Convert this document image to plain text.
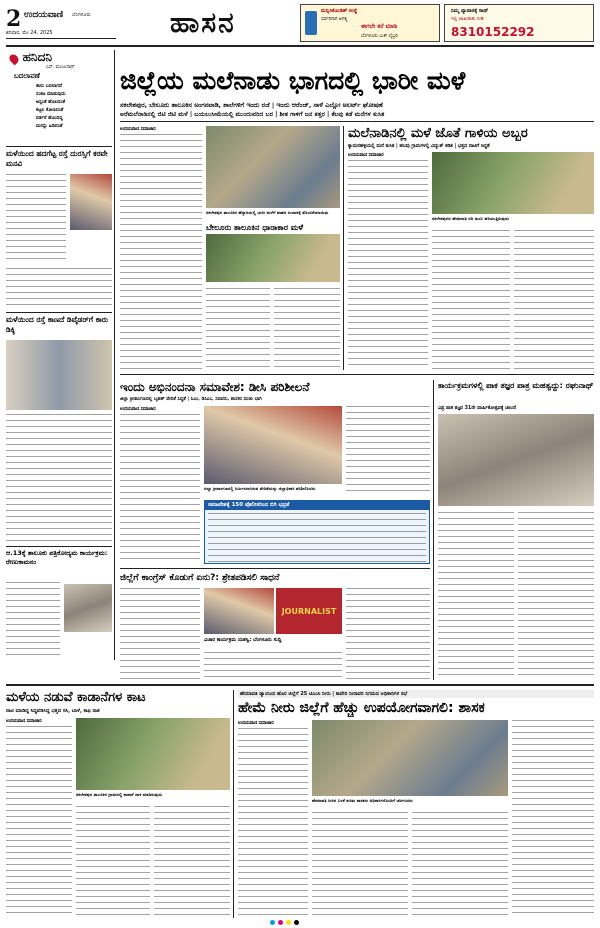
2 ಉದಯವಾಣಿ ಬೆಂಗಳೂರು
ಶನಿವಾರ, ಮೇ 24, 2025	ಹಾಸನ	ಮನ್ನಿಸಿಕೊಂಡಿತ್ ಸಂಸ್ಥೆ
ಸರ್ವರಿಗಾಗಿ ಅಗತ್ಯ
ಈಗಲೇ ಕರೆ ಮಾಡಿ
ಬೆಂಗಳೂರು ಬುಕ್ ಲೈಬ್ರರಿ
ನಿಮ್ಮ ವ್ಯಾಪಾರಕ್ಕೆ ಸಾಥ್
ಇಲ್ಲಿ ಜಾಹೀರಾತು ನೀಡಿ
8310152292
ಹನಿದನಿ
ಎಸ್. ಮಂಜುನಾಥ್
ಬದಲಾವಣೆ
ತಾನು ಬದಲಾಗದೆ
ಸಂಕಟ ಮಾಡುವುದು
ಅಸ್ಸಂತೆ ಹೊಲದಂತೆ
ಕಟ್ಟಲ ಕೋಣದಂತೆ
ವರ್ತನೆ ಹೊಂದಿದ್ದ
ಮನಸ್ಸು ಹಿಡಿದಂತೆ
ಮಳೆಯಿಂದ ಹದಗೆಟ್ಟ ರಸ್ತೆ ದುರಸ್ತಿಗೆ ಕರವೇ ಮನವಿ
ಮಳೆಯಿಂದ ರಸ್ತೆ ಕಾಣದೆ ಡಿವೈಡರ್‌ಗೆ ಕಾರು ಡಿಕ್ಕಿ
ಆ.13ಕ್ಕೆ ತಾಲೂಕು ಪತ್ರಿಕೋದ್ಯಮ ಕಾರ್ಯಕ್ರಮ: ರೇಣುಕಾಮನಂ
ಜಿಲ್ಲೆಯ ಮಲೆನಾಡು ಭಾಗದಲ್ಲಿ ಭಾರೀ ಮಳೆ
ಸಕಲೇಶಪುರ, ಬೇಲೂರು ತಾಲೂಕಿನ ಅಂಗನವಾಡಿ, ಶಾಲೆಗಳಿಗೆ ಇಂದು ರಜೆ | ಇಂದು ಆರೆಂಜ್, ನಾಳೆ ಎಲ್ಲೋ ಅಲರ್ಟ್ ಘೋಷಣೆ
ಅರೆಮಲೆನಾಡಿನಲ್ಲಿ ಜಿಟಿ ಜಿಟಿ ಮಳೆ | ಬಯಲುಸೀಮೆಯಲ್ಲಿ ಮುಂದುವರಿದ ಬರ | ಶೀತ ಗಾಳಿಗೆ ಜನ ತತ್ತರ | ಕೆಲವು ಕಡೆ ಮನೆಗಳ ಕುಸಿತ
ಉದಯವಾಣಿ ಸಮಾಚಾರ
ಸಕಲೇಶಪುರ ತಾಲೂಕಿನ ಹೆದ್ದಾರಿಯಲ್ಲಿ ಭಾರೀ ಮಳೆಗೆ ವಾಹನ ಸಂಚಾರಕ್ಕೆ ತೊಂದರೆಯಾಯಿತು
ಬೇಲೂರು ತಾಲೂಕಿನ ಧಾರಾಕಾರ ಮಳೆ
ಮಲೆನಾಡಿನಲ್ಲಿ ಮಳೆ ಜೊತೆ ಗಾಳಿಯ ಅಬ್ಬರ
ಕ್ಯಾಮನಹಳ್ಳಿಯಲ್ಲಿ ಮನೆ ಕುಸಿತ | ಹಲವು ಗ್ರಾಮಗಳಲ್ಲಿ ವಿದ್ಯುತ್ ಕಡಿತ | ಭತ್ತದ ನಾಟಿಗೆ ಸಿದ್ಧತೆ
ಉದಯವಾಣಿ ಸಮಾಚಾರ
ಸಕಲೇಶಪುರದ ಹೇಮಾವತಿ ನದಿ ತುಂಬಿ ಹರಿಯುತ್ತಿರುವುದು
ಇಂದು ಅಭಿನಂದನಾ ಸಮಾವೇಶ: ಡೀಸಿ ಪರಿಶೀಲನೆ
ಜಿಲ್ಲಾ ಕ್ರೀಡಾಂಗಣದಲ್ಲಿ ಬೃಹತ್ ವೇದಿಕೆ ಸಿದ್ಧತೆ | ಸಿಎಂ, ಡಿಸಿಎಂ, ಸಚಿವರು, ಶಾಸಕರ ದಂಡು ಭಾಗಿ
ಉದಯವಾಣಿ ಸಮಾಚಾರ
ಜಿಲ್ಲಾ ಕ್ರೀಡಾಂಗಣದಲ್ಲಿ ನಿರ್ಮಿಸಲಾಗಿರುವ ವೇದಿಕೆಯನ್ನು ಜಿಲ್ಲಾಧಿಕಾರಿ ಪರಿಶೀಲಿಸಿದರು
ಸಮಾವೇಶಕ್ಕೆ 150 ಪೊಲೀಸರಿಂದ ಬಿಗಿ ಭದ್ರತೆ
ಕಾರ್ಯಕ್ರಮಗಳಲ್ಲಿ ಪಾಕ ತಜ್ಞರ ಪಾತ್ರ ಮಹತ್ವದ್ದು: ರಘುನಾಥ್
ವಿಪ್ರ ಪಾಕ ತಜ್ಞರ 31ನೇ ವಾರ್ಷಿಕೋತ್ಸವಕ್ಕೆ ಚಾಲನೆ
ಜಿಲ್ಲೆಗೆ ಕಾಂಗ್ರೆಸ್ ಕೊಡುಗೆ ಏನು?: ಶ್ರೇತಪಡಿಸಲಿ ಸಾಧನೆ
JOURNALIST
ವಿಚಾರ ಕಾರ್ಯಕ್ರಮ ಯಶಸ್ವಿ: ಬೆಂಗಳೂರು ಸುದ್ದಿ
ಮಳೆಯ ನಡುವೆ ಕಾಡಾನೆಗಳ ಕಾಟ
ನಾಟಿ ಮಾಡಿದ್ದ ಸಿದ್ಧಪಡಿಸಿದ್ದ ಭತ್ತದ ಸಸಿ, ಬಾಳೆ, ಕಾಫಿ ನಾಶ
ಉದಯವಾಣಿ ಸಮಾಚಾರ
ಸಕಲೇಶಪುರ ತಾಲೂಕಿನ ಗ್ರಾಮದಲ್ಲಿ ಕಾಡಾನೆ ದಾಳಿ ಮಾಡಿರುವುದು
ಹೇಮಾವತಿ ಡ್ಯಾಂನಿಂದ ಹೊರ ಜಿಲ್ಲೆಗೆ 25 ಟಿಎಂಸಿ ನೀರು | ಕಾವೇರಿ ನೀರಾವರಿ ನಿಗಮದ ಅಧಿಕಾರಿಗಳ ಸಭೆ
ಹೇಮೆ ನೀರು ಜಿಲ್ಲೆಗೆ ಹೆಚ್ಚು ಉಪಯೋಗವಾಗಲಿ: ಶಾಸಕ
ಉದಯವಾಣಿ ಸಮಾಚಾರ
ಹೇಮಾವತಿ ನೀರಿನ ಬಳಕೆ ಕುರಿತು ಶಾಸಕರು ಅಧಿಕಾರಿಗಳೊಂದಿಗೆ ಚರ್ಚಿಸಿದರು
